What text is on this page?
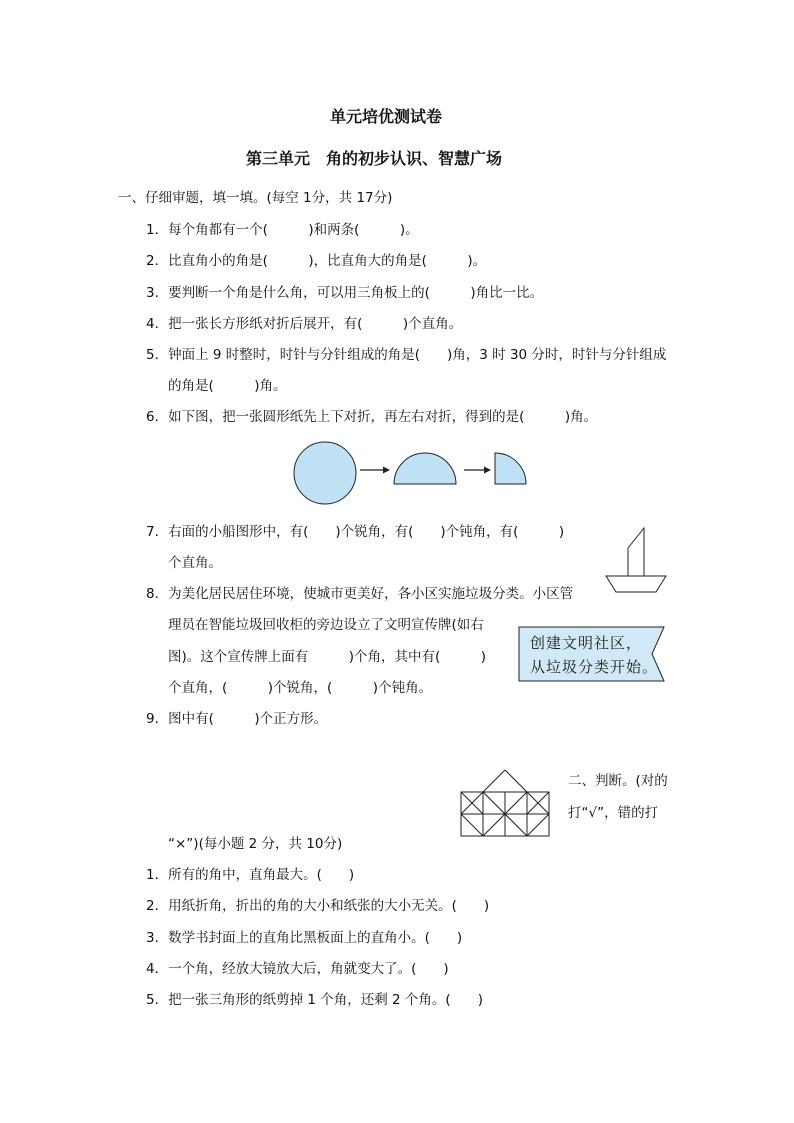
单元培优测试卷
第三单元　角的初步认识、智慧广场
一、仔细审题，填一填。(每空 1分，共 17分)
1．每个角都有一个(　　　)和两条(　　　)。
2．比直角小的角是(　　　)，比直角大的角是(　　　)。
3．要判断一个角是什么角，可以用三角板上的(　　　)角比一比。
4．把一张长方形纸对折后展开，有(　　　)个直角。
5．钟面上 9 时整时，时针与分针组成的角是(　　)角，3 时 30 分时，时针与分针组成
的角是(　　　)角。
6．如下图，把一张圆形纸先上下对折，再左右对折，得到的是(　　　)角。
7．右面的小船图形中，有(　　)个锐角，有(　　)个钝角，有(　　　)
个直角。
8．为美化居民居住环境，使城市更美好，各小区实施垃圾分类。小区管
理员在智能垃圾回收柜的旁边设立了文明宣传牌(如右
图)。这个宣传牌上面有　　　)个角，其中有(　　　)
个直角，(　　　)个锐角，(　　　)个钝角。
创建文明社区，
从垃圾分类开始。
9．图中有(　　　)个正方形。
二、判断。(对的
打“√”，错的打
“×”)(每小题 2 分，共 10分)
1．所有的角中，直角最大。(　　)
2．用纸折角，折出的角的大小和纸张的大小无关。(　　)
3．数学书封面上的直角比黑板面上的直角小。(　　)
4．一个角，经放大镜放大后，角就变大了。(　　)
5．把一张三角形的纸剪掉 1 个角，还剩 2 个角。(　　)
